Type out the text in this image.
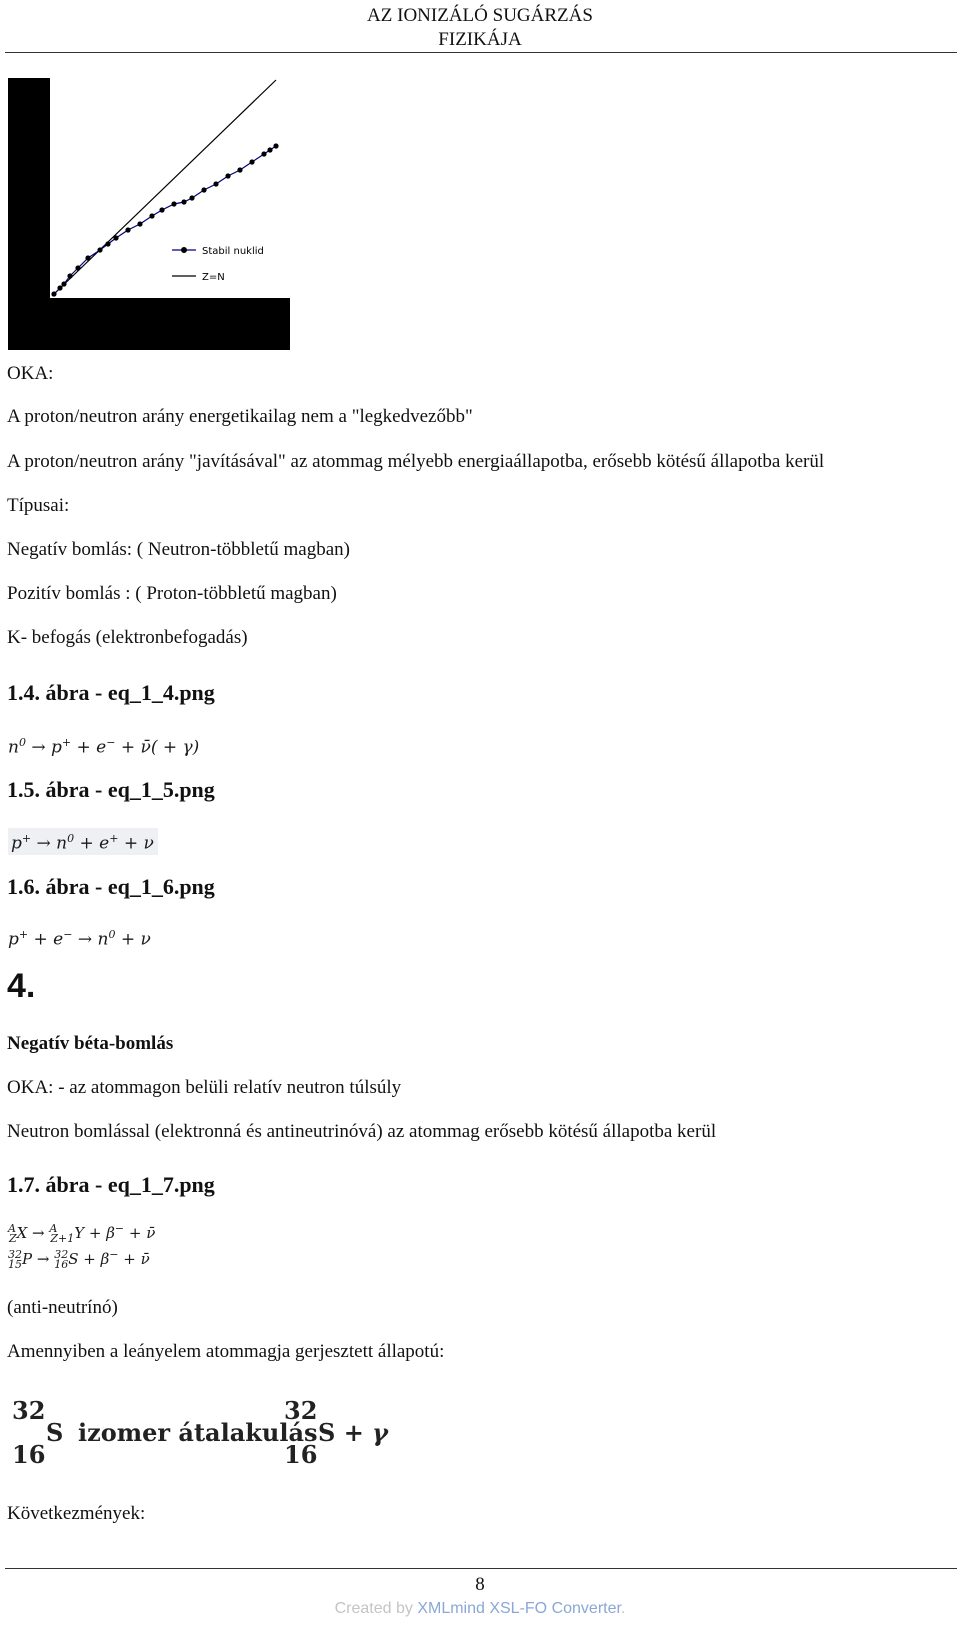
AZ IONIZÁLÓ SUGÁRZÁS
FIZIKÁJA
Stabil nuklid
Z=N
OKA:
A proton/neutron arány energetikailag nem a "legkedvezőbb"
A proton/neutron arány "javításával" az atommag mélyebb energiaállapotba, erősebb kötésű állapotba kerül
Típusai:
Negatív bomlás: ( Neutron-többletű magban)
Pozitív bomlás : ( Proton-többletű magban)
K- befogás (elektronbefogadás)
1.4. ábra - eq_1_4.png
$n^0 \to p^+ + e^-$ + ν̄( + γ)
1.5. ábra - eq_1_5.png
$p^+ \to n^0 + e^+ + \nu$
1.6. ábra - eq_1_6.png
$p^+ + e^- \to n^0 + \nu$
4.
Negatív béta-bomlás
OKA: - az atommagon belüli relatív neutron túlsúly
Neutron bomlással (elektronná és antineutrinóvá) az atommag erősebb kötésű állapotba kerül
1.7. ábra - eq_1_7.png
$^A_Z$X → $^A_{Z+1}$Y + β− + ν̄
$^{32}_{15}$P → $^{32}_{16}$S + β− + ν̄
(anti-neutrínó)
Amennyiben a leányelem atommagja gerjesztett állapotú:
32
16
S izomer átalakulás
32
16
S + γ
Következmények:
8
Created by XMLmind XSL-FO Converter.
